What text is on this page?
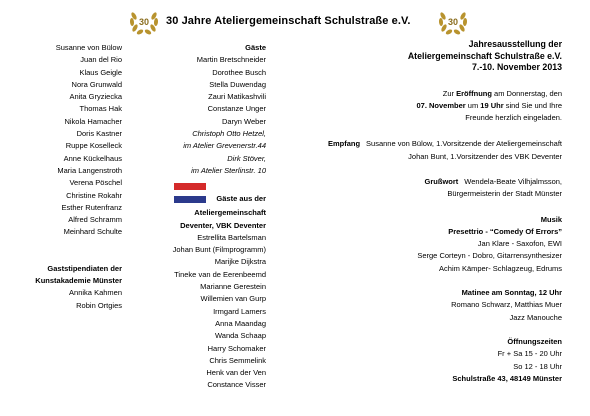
30 30 Jahre Ateliergemeinschaft Schulstraße e.V.	30
Susanne von Bülow
Juan del Rio
Klaus Geigle
Nora Grunwald
Anita Gryziecka
Thomas Hak
Nikola Hamacher
Doris Kastner
Ruppe Koselleck
Anne Kückelhaus
Maria Langenstroth
Verena Pöschel
Christine Rokahr
Esther Rutenfranz
Alfred Schramm
Meinhard Schulte
Gaststipendiaten der
Kunstakademie Münster
Annika Kahmen
Robin Ortgies
Gäste
Martin Bretschneider
Dorothee Busch
Stella Duwendag
Zauri Matikashvili
Constanze Unger
Daryn Weber
Christoph Otto Hetzel,
im Atelier Grevenerstr.44
Dirk Stöver,
im Atelier Sterlinstr. 10
Gäste aus der
Ateliergemeinschaft
Deventer, VBK Deventer
Estrellita Bartelsman
Johan Bunt (Filmprogramm)
Marijke Dijkstra
Tineke van de Eerenbeemd
Marianne Gerestein
Willemien van Gurp
Irmgard Lamers
Anna Maandag
Wanda Schaap
Harry Schomaker
Chris Semmelink
Henk van der Ven
Constance Visser
Jahresausstellung der
Ateliergemeinschaft Schulstraße e.V.
7.-10. November 2013
Zur Eröffnung am Donnerstag, den
07. November um 19 Uhr sind Sie und Ihre
Freunde herzlich eingeladen.
Empfang Susanne von Bülow, 1.Vorsitzende der Ateliergemeinschaft
Johan Bunt, 1.Vorsitzender des VBK Deventer
Grußwort Wendela-Beate Vilhjalmsson,
Bürgermeisterin der Stadt Münster
Musik
Presettrio - “Comedy Of Errors”
Jan Klare - Saxofon, EWI
Serge Corteyn - Dobro, Gitarrensynthesizer
Achim Kämper- Schlagzeug, Edrums
Matinee am Sonntag, 12 Uhr
Romano Schwarz, Matthias Muer
Jazz Manouche
Öffnungszeiten
Fr + Sa 15 - 20 Uhr
So 12 - 18 Uhr
Schulstraße 43, 48149 Münster
